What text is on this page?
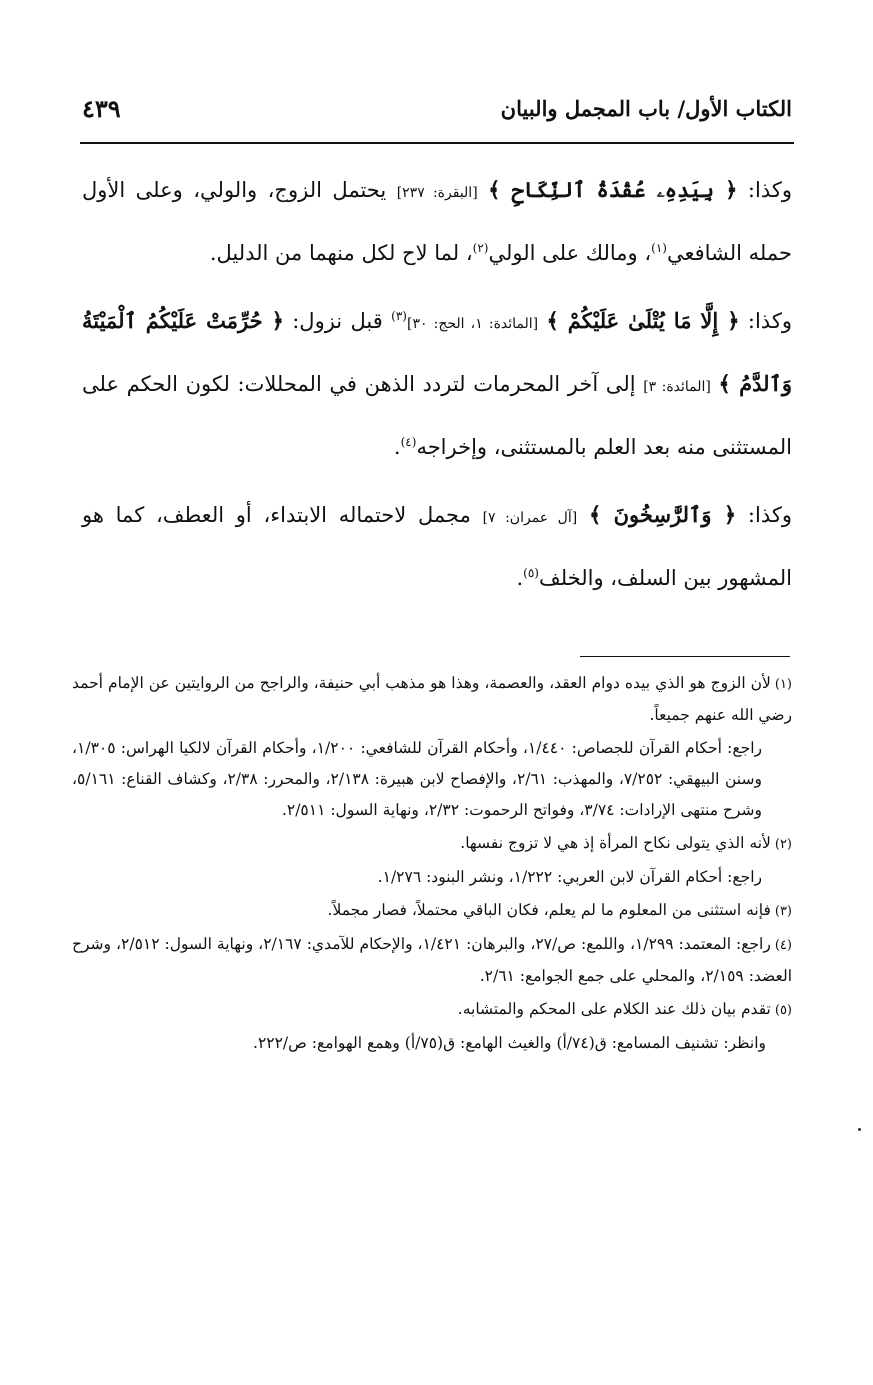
الكتاب الأول/ باب المجمل والبيان
٤٣٩

وكذا: ﴿ بِيَدِهِۦ عُقْدَةُ ٱلنِّكَاحِ ﴾ [البقرة: ٢٣٧] يحتمل الزوج، والولي، وعلى الأول حمله الشافعي$^{(١)}$، ومالك على الولي$^{(٢)}$، لما لاح لكل منهما من الدليل.

وكذا: ﴿ إِلَّا مَا يُتْلَىٰ عَلَيْكُمْ ﴾ [المائدة: ١، الحج: ٣٠]$^{(٣)}$ قبل نزول: ﴿ حُرِّمَتْ عَلَيْكُمُ ٱلْمَيْتَةُ وَٱلدَّمُ ﴾ [المائدة: ٣] إلى آخر المحرمات لتردد الذهن في المحللات: لكون الحكم على المستثنى منه بعد العلم بالمستثنى، وإخراجه$^{(٤)}$.

وكذا: ﴿ وَٱلرَّٰسِخُونَ ﴾ [آل عمران: ٧] مجمل لاحتماله الابتداء، أو العطف، كما هو المشهور بين السلف، والخلف$^{(٥)}$.

(١)لأن الزوج هو الذي بيده دوام العقد، والعصمة، وهذا هو مذهب أبي حنيفة، والراجح من الروايتين عن الإمام أحمد رضي الله عنهم جميعاً.
راجع: أحكام القرآن للجصاص: ١/٤٤٠، وأحكام القرآن للشافعي: ١/٢٠٠، وأحكام القرآن لالكيا الهراس: ١/٣٠٥، وسنن البيهقي: ٧/٢٥٢، والمهذب: ٢/٦١، والإفصاح لابن هبيرة: ٢/١٣٨، والمحرر: ٢/٣٨، وكشاف القناع: ٥/١٦١، وشرح منتهى الإرادات: ٣/٧٤، وفواتح الرحموت: ٢/٣٢، ونهاية السول: ٢/٥١١.
(٢)لأنه الذي يتولى نكاح المرأة إذ هي لا تزوج نفسها.
راجع: أحكام القرآن لابن العربي: ١/٢٢٢، ونشر البنود: ١/٢٧٦.
(٣)فإنه استثنى من المعلوم ما لم يعلم، فكان الباقي محتملاً، فصار مجملاً.
(٤)راجع: المعتمد: ١/٢٩٩، واللمع: ص/٢٧، والبرهان: ١/٤٢١، والإحكام للآمدي: ٢/١٦٧، ونهاية السول: ٢/٥١٢، وشرح العضد: ٢/١٥٩، والمحلي على جمع الجوامع: ٢/٦١.
(٥)تقدم بيان ذلك عند الكلام على المحكم والمتشابه.
وانظر: تشنيف المسامع: ق(٧٤/أ) والغيث الهامع: ق(٧٥/أ) وهمع الهوامع: ص/٢٢٢.
